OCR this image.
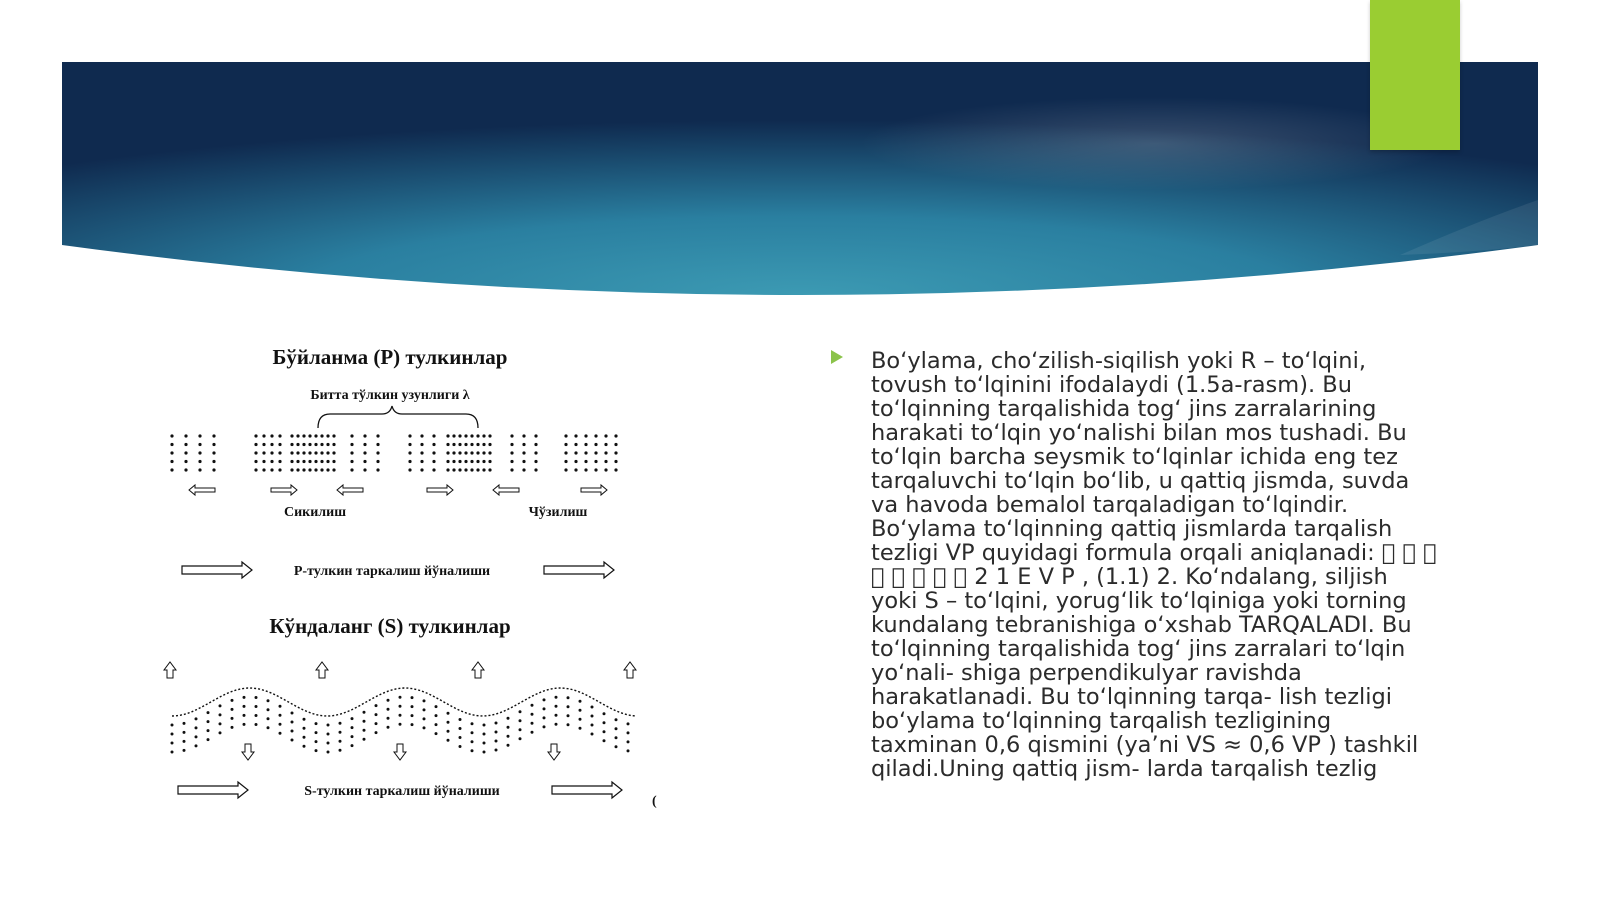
Бўйланма (Р) тулкинлар
Битта тўлкин узунлиги λ
Сикилиш	Чўзилиш
Р-тулкин таркалиш йўналиши
Кўндаланг (S) тулкинлар
S-тулкин таркалиш йўналиши
(

Bo‘ylama, cho‘zilish-siqilish yoki R – to‘lqini, tovush to‘lqinini ifodalaydi (1.5a-rasm). Bu to‘lqinning tarqalishida tog‘ jins zarralarining harakati to‘lqin yo‘nalishi bilan mos tushadi. Bu to‘lqin barcha seysmik to‘lqinlar ichida eng tez tarqaluvchi to‘lqin bo‘lib, u qattiq jismda, suvda va havoda bemalol tarqaladigan to‘lqindir. Bo‘ylama to‘lqinning qattiq jismlarda tarqalish tezligi VP quyidagi formula orqali aniqlanadi: 2 1 E V P , (1.1) 2. Ko‘ndalang, siljish yoki S – to‘lqini, yorug‘lik to‘lqiniga yoki torning kundalang tebranishiga o‘xshab TARQALADI. Bu to‘lqinning tarqalishida tog‘ jins zarralari to‘lqin yo‘nali- shiga perpendikulyar ravishda harakatlanadi. Bu to‘lqinning tarqa- lish tezligi bo‘ylama to‘lqinning tarqalish tezligining taxminan 0,6 qismini (ya’ni VS ≈ 0,6 VP ) tashkil qiladi.Uning qattiq jism- larda tarqalish tezlig
